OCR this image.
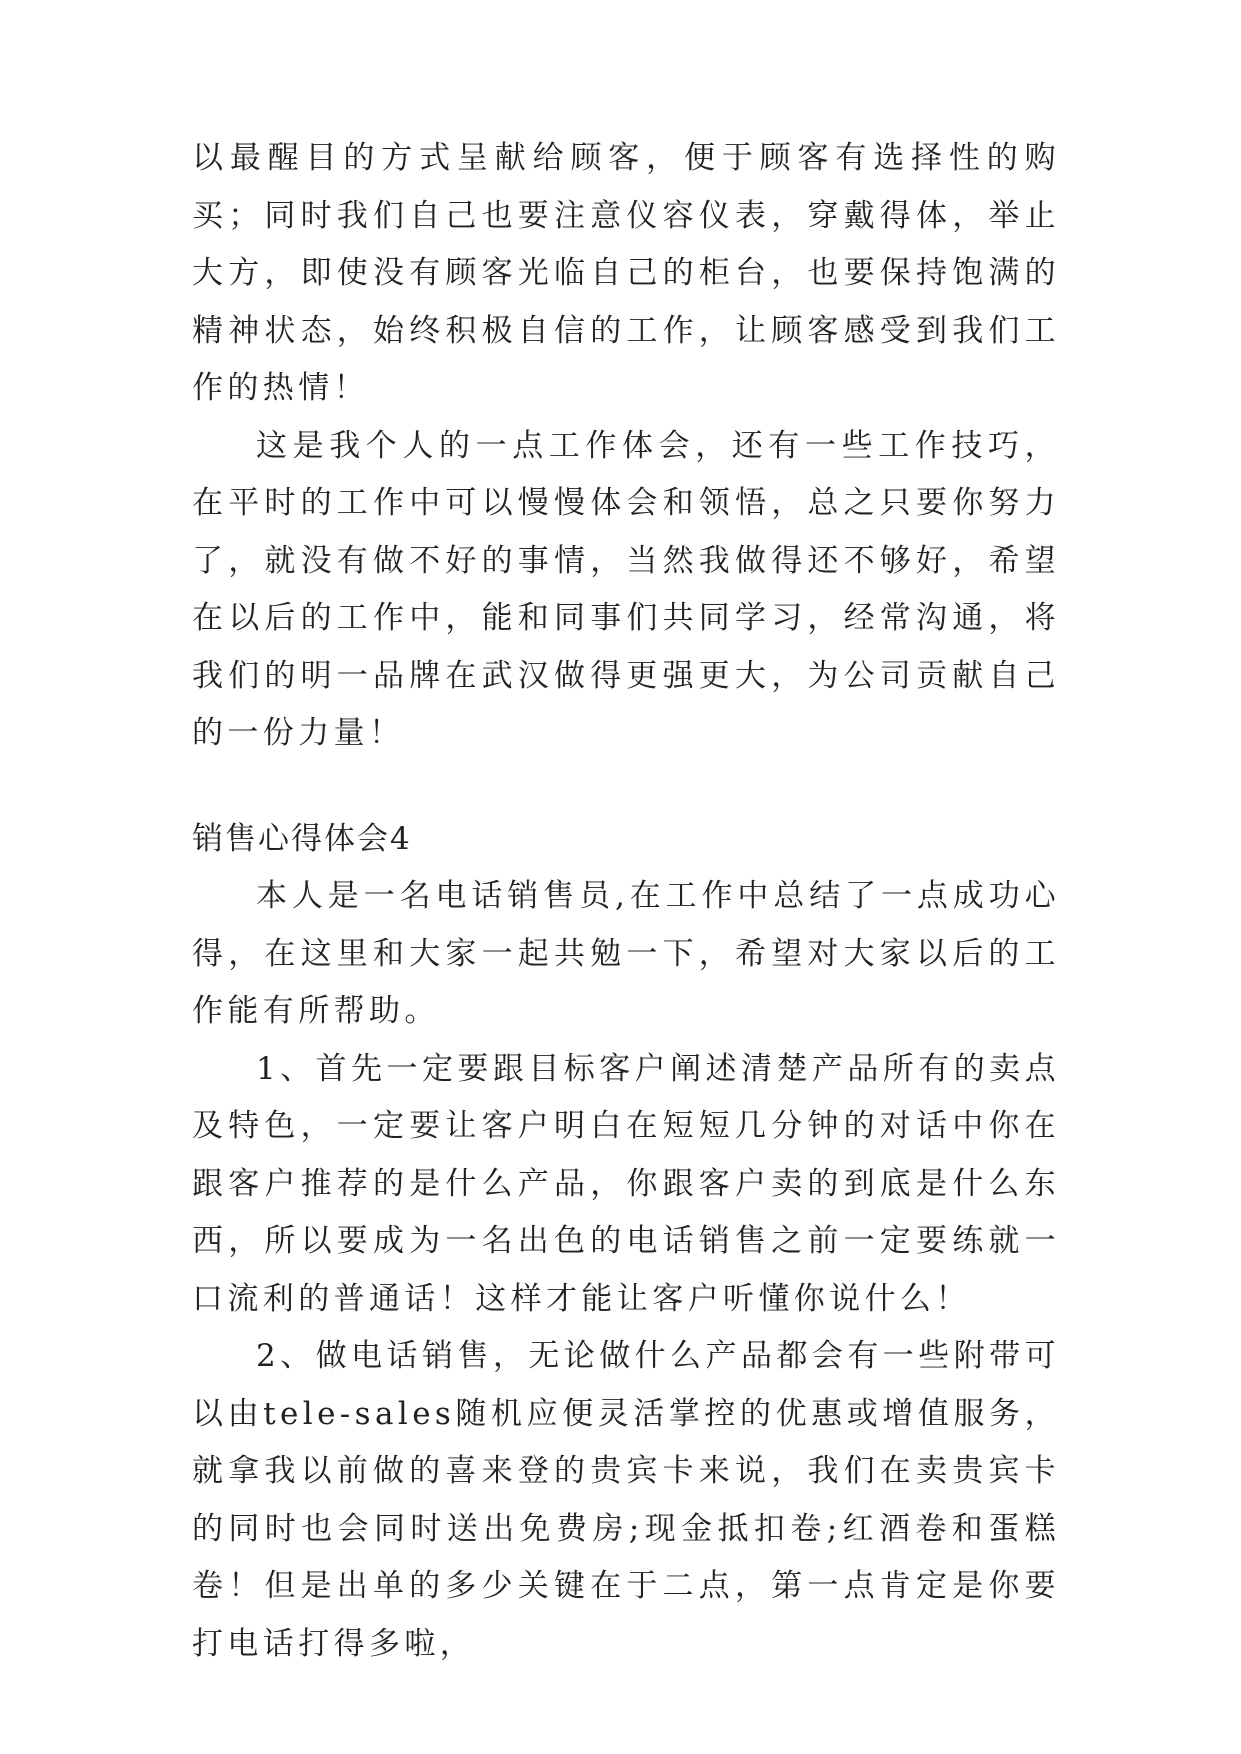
以最醒目的方式呈献给顾客，便于顾客有选择性的购买；同时我们自己也要注意仪容仪表，穿戴得体，举止大方，即使没有顾客光临自己的柜台，也要保持饱满的精神状态，始终积极自信的工作，让顾客感受到我们工作的热情！

这是我个人的一点工作体会，还有一些工作技巧，在平时的工作中可以慢慢体会和领悟，总之只要你努力了，就没有做不好的事情，当然我做得还不够好，希望在以后的工作中，能和同事们共同学习，经常沟通，将我们的明一品牌在武汉做得更强更大，为公司贡献自己的一份力量！

销售心得体会4

本人是一名电话销售员,在工作中总结了一点成功心得，在这里和大家一起共勉一下，希望对大家以后的工作能有所帮助。

1、首先一定要跟目标客户阐述清楚产品所有的卖点及特色，一定要让客户明白在短短几分钟的对话中你在跟客户推荐的是什么产品，你跟客户卖的到底是什么东西，所以要成为一名出色的电话销售之前一定要练就一口流利的普通话！这样才能让客户听懂你说什么！

2、做电话销售，无论做什么产品都会有一些附带可以由tele-sales随机应便灵活掌控的优惠或增值服务，就拿我以前做的喜来登的贵宾卡来说，我们在卖贵宾卡的同时也会同时送出免费房;现金抵扣卷;红酒卷和蛋糕卷！但是出单的多少关键在于二点，第一点肯定是你要打电话打得多啦，
